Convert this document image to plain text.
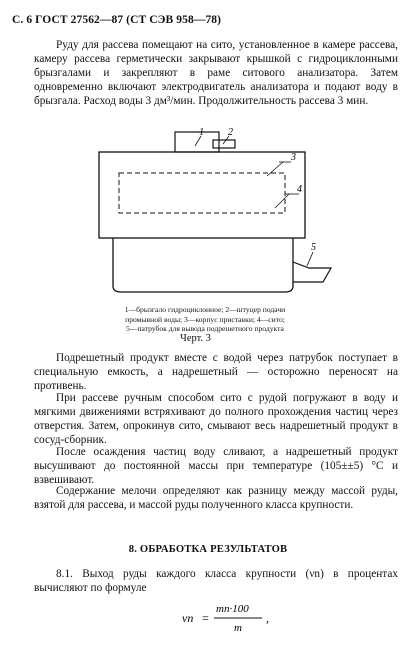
С. 6 ГОСТ 27562—87 (СТ СЭВ 958—78)
Руду для рассева помещают на сито, установленное в камере рассева, камеру рассева герметически закрывают крышкой с гидроциклонными брызгалами и закрепляют в раме ситового анализатора. Затем одновременно включают электродвигатель анализатора и подают воду в брызгала. Расход воды 3 дм³/мин. Продолжительность рассева 3 мин.
1 2
3
4
5
1—брызгало гидроциклонное; 2—штуцер подачи
промывной воды; 3—корпус приставки; 4—сито;
5—патрубок для вывода подрешетного продукта
Черт. 3
Подрешетный продукт вместе с водой через патрубок поступает в специальную емкость, а надрешетный — осторожно переносят на противень.
При рассеве ручным способом сито с рудой погружают в воду и мягкими движениями встряхивают до полного прохождения частиц через отверстия. Затем, опрокинув сито, смывают весь надрешетный продукт в сосуд-сборник.
После осаждения частиц воду сливают, а надрешетный продукт высушивают до постоянной массы при температуре (105±±5) °С и взвешивают.
Содержание мелочи определяют как разницу между массой руды, взятой для рассева, и массой руды полученного класса крупности.
8. ОБРАБОТКА РЕЗУЛЬТАТОВ
8.1. Выход руды каждого класса крупности (νn) в процентах вычисляют по формуле
νn =
mn·100
m
,
